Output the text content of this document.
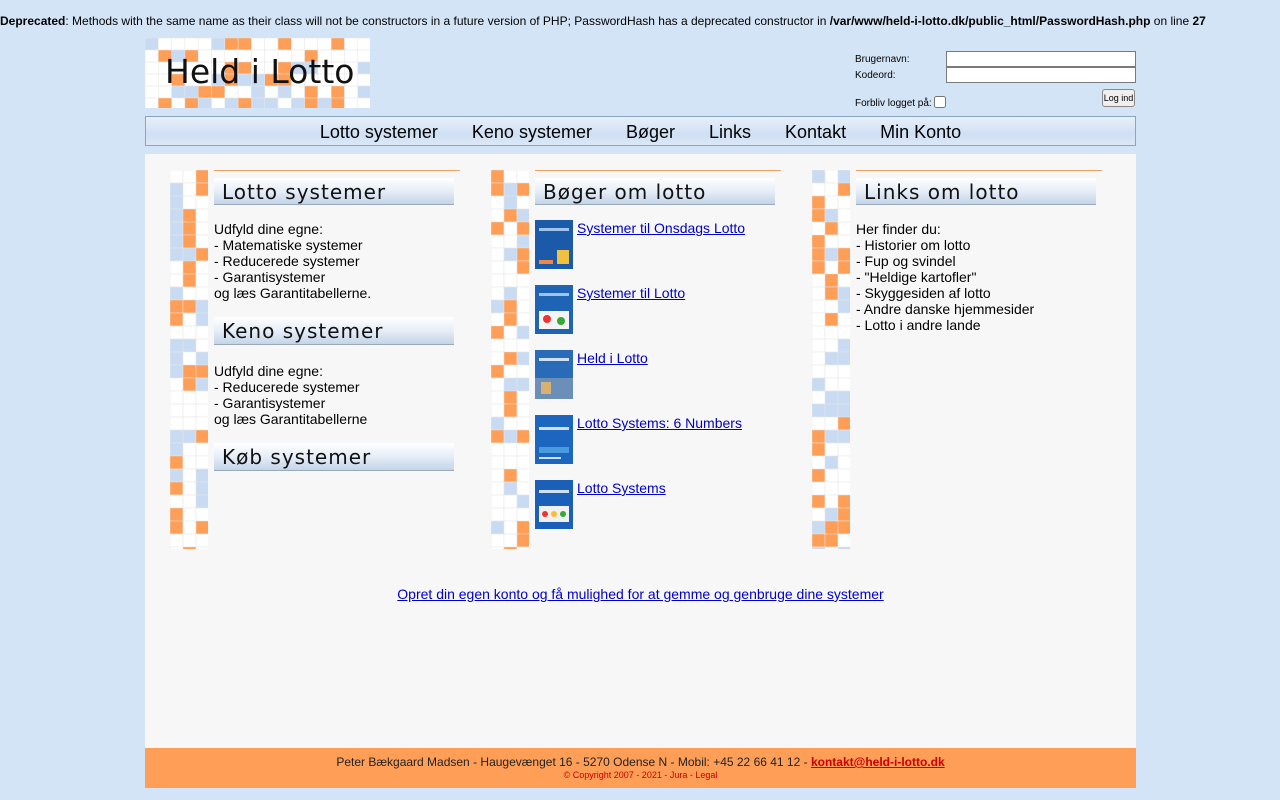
Deprecated: Methods with the same name as their class will not be constructors in a future version of PHP; PasswordHash has a deprecated constructor in /var/www/held-i-lotto.dk/public_html/PasswordHash.php on line 27
Held i Lotto	Brugernavn:
Kodeord:
Forbliv logget på:	Log ind
Lotto systemer Keno systemer Bøger Links Kontakt Min Konto
Lotto systemer
Udfyld dine egne:
- Matematiske systemer
- Reducerede systemer
- Garantisystemer
og læs Garantitabellerne.
Keno systemer
Udfyld dine egne:
- Reducerede systemer
- Garantisystemer
og læs Garantitabellerne
Køb systemer
Bøger om lotto
Systemer til Onsdags Lotto
Systemer til Lotto
Held i Lotto
Lotto Systems: 6 Numbers
Lotto Systems
Links om lotto
Her finder du:
- Historier om lotto
- Fup og svindel
- "Heldige kartofler"
- Skyggesiden af lotto
- Andre danske hjemmesider
- Lotto i andre lande
Opret din egen konto og få mulighed for at gemme og genbruge dine systemer
Peter Bækgaard Madsen - Haugevænget 16 - 5270 Odense N - Mobil: +45 22 66 41 12 - kontakt@held-i-lotto.dk
© Copyright 2007 - 2021 - Jura - Legal
